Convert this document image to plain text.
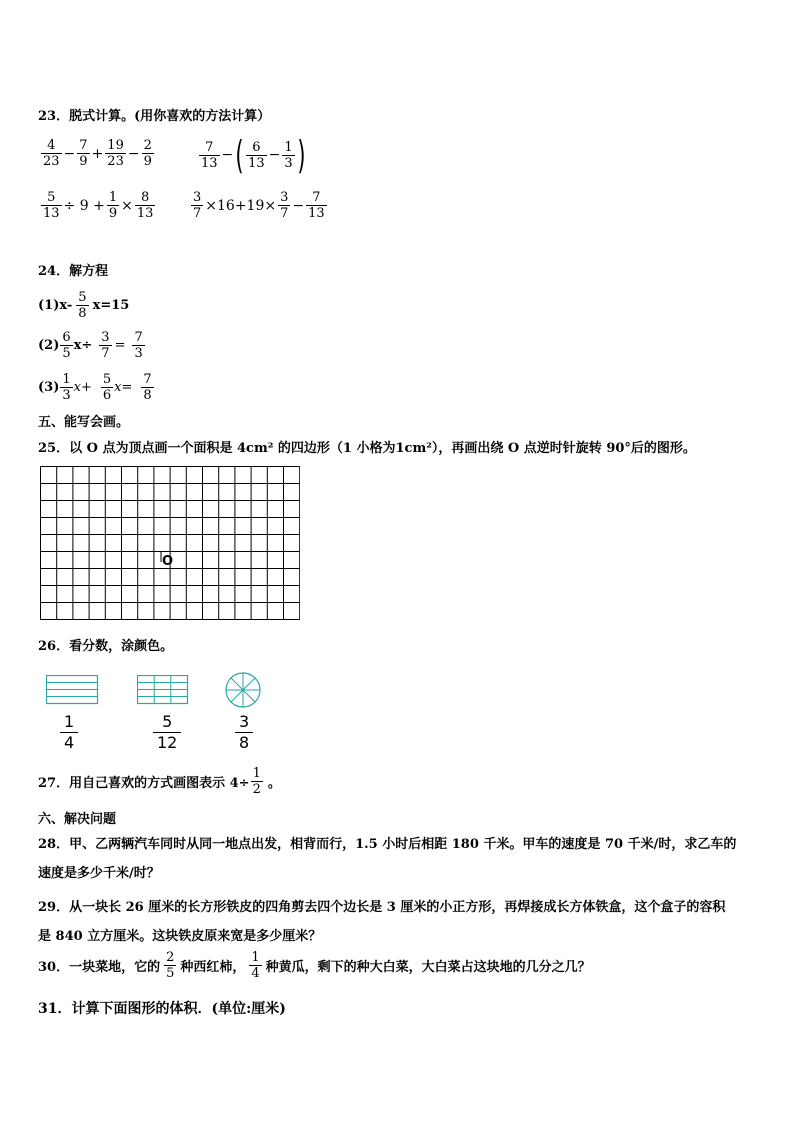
23．脱式计算。(用你喜欢的方法计算）
$\frac{4}{23} - \frac{7}{9} + \frac{19}{23} - \frac{2}{9}$	$\frac{7}{13}$ − ( $\frac{6}{13} - \frac{1}{3}$ )
$\frac{5}{13} \div 9 + \frac{1}{9} \times \frac{8}{13}$	$\frac{3}{7} \times 16+19\times \frac{3}{7} - \frac{7}{13}$
24．解方程
(1) $x- \frac{5}{8} x=15$
$(2) \frac{6}{5} x\div \frac{3}{7} = \frac{7}{3}$
$(3) \frac{1}{3}$ $x + \frac{5}{6}$ $x = \frac{7}{8}$
五、能写会画。
25．以 O 点为顶点画一个面积是 4cm² 的四边形（1 小格为1cm²），再画出绕 O 点逆时针旋转 90°后的图形。
O
26．看分数，涂颜色。
$\frac{1}{4}$	$\frac{5}{12}$	$\frac{3}{8}$
27．用自己喜欢的方式画图表示 $4\div \frac{1}{2}$ 。
六、解决问题
28．甲、乙两辆汽车同时从同一地点出发，相背而行，1.5 小时后相距 180 千米。甲车的速度是 70 千米/时，求乙车的
速度是多少千米/时？
29．从一块长 26 厘米的长方形铁皮的四角剪去四个边长是 3 厘米的小正方形，再焊接成长方体铁盒，这个盒子的容积
是 840 立方厘米。这块铁皮原来宽是多少厘米？
30．一块菜地，它的 $\frac{2}{5}$ 种西红柿， $\frac{1}{4}$ 种黄瓜，剩下的种大白菜，大白菜占这块地的几分之几？
31．计算下面图形的体积．(单位:厘米)
